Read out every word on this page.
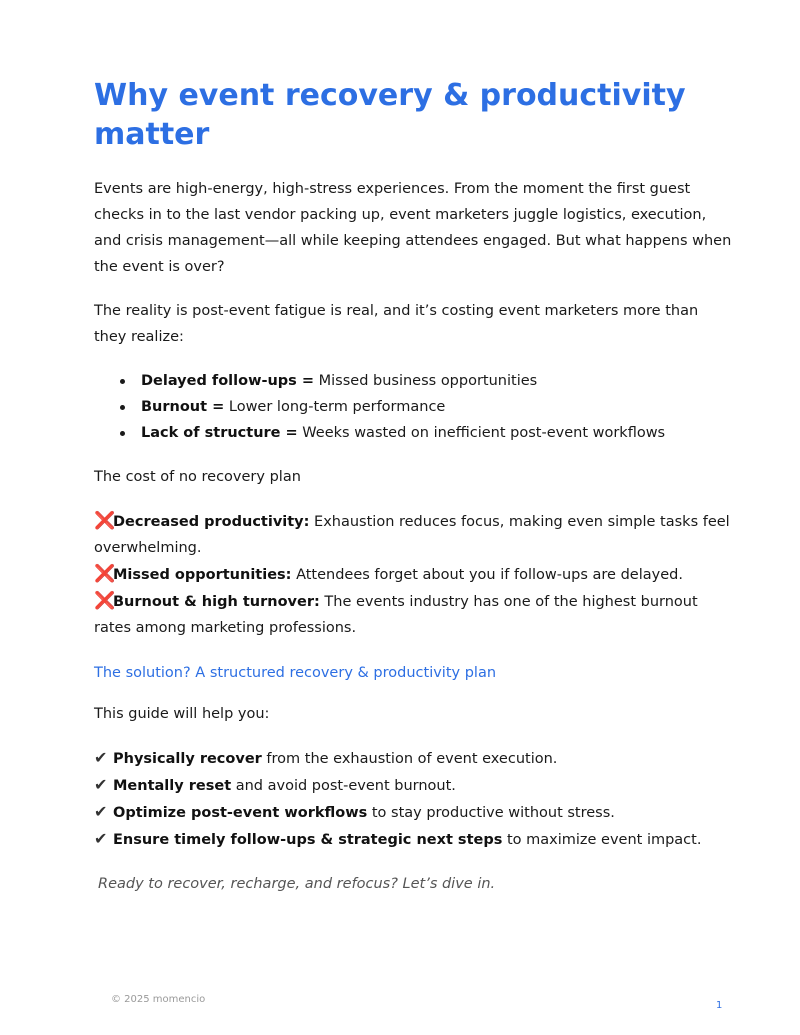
Why event recovery & productivity matter

Events are high-energy, high-stress experiences. From the moment the first guest checks in to the last vendor packing up, event marketers juggle logistics, execution, and crisis management—all while keeping attendees engaged. But what happens when the event is over?

The reality is post-event fatigue is real, and it’s costing event marketers more than they realize:

Delayed follow-ups = Missed business opportunities
Burnout = Lower long-term performance
Lack of structure = Weeks wasted on inefficient post-event workflows

The cost of no recovery plan

❌Decreased productivity: Exhaustion reduces focus, making even simple tasks feel overwhelming.
❌Missed opportunities: Attendees forget about you if follow-ups are delayed.
❌Burnout & high turnover: The events industry has one of the highest burnout rates among marketing professions.

The solution? A structured recovery & productivity plan

This guide will help you:

✔ Physically recover from the exhaustion of event execution.
✔ Mentally reset and avoid post-event burnout.
✔ Optimize post-event workflows to stay productive without stress.
✔ Ensure timely follow-ups & strategic next steps to maximize event impact.

Ready to recover, recharge, and refocus? Let’s dive in.

© 2025 momencio
1
